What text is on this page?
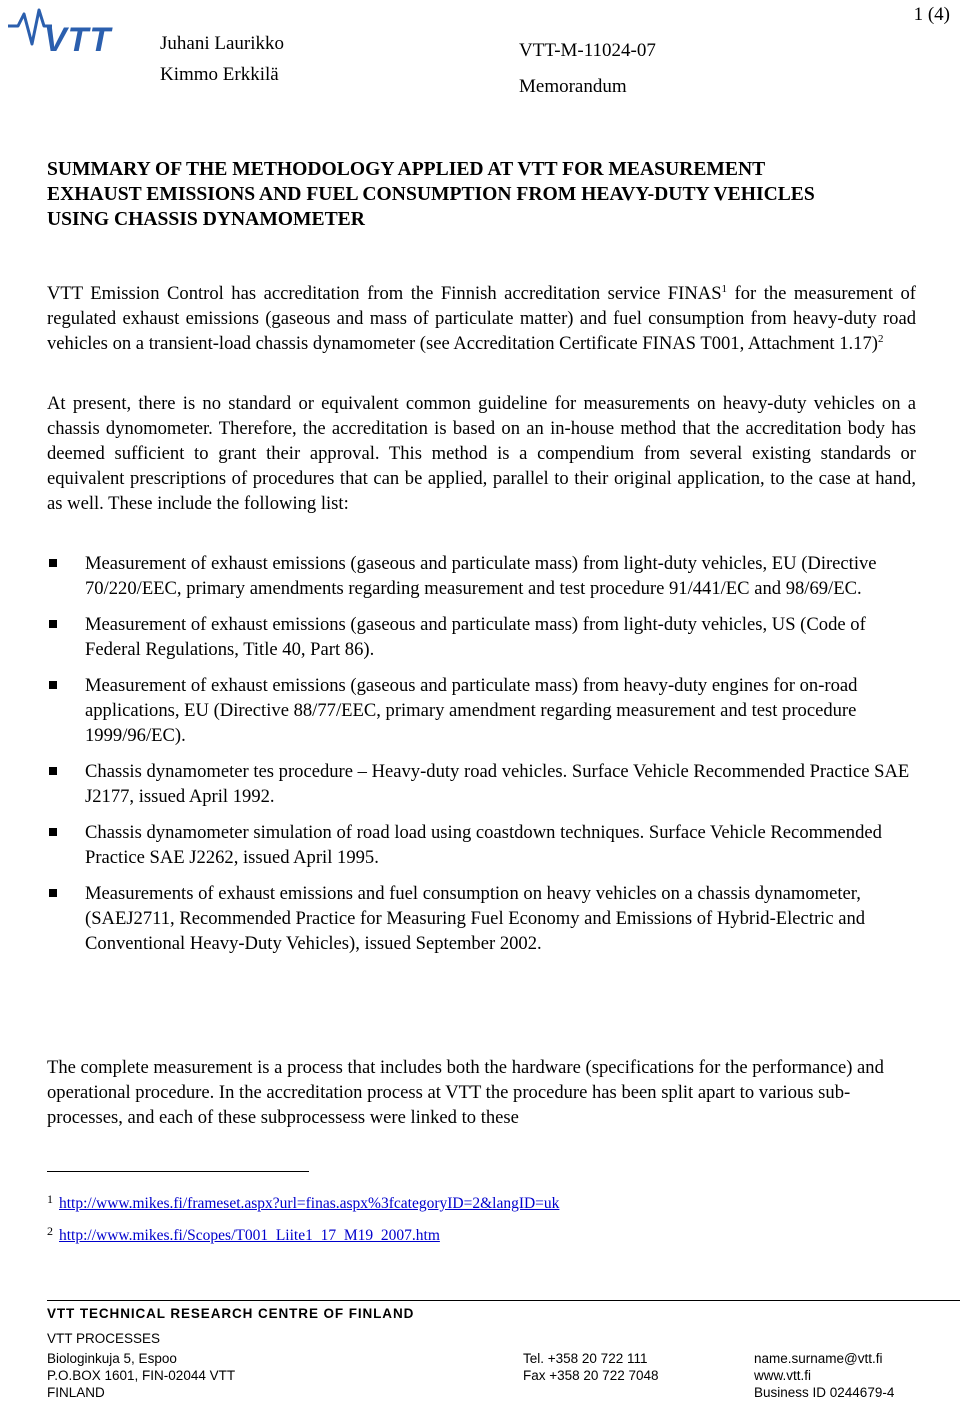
VTT	Juhani Laurikko
Kimmo Erkkilä
VTT-M-11024-07
Memorandum
1 (4)
SUMMARY OF THE METHODOLOGY APPLIED AT VTT FOR MEASUREMENT
EXHAUST EMISSIONS AND FUEL CONSUMPTION FROM HEAVY-DUTY VEHICLES
USING CHASSIS DYNAMOMETER
VTT Emission Control has accreditation from the Finnish accreditation service FINAS$^1$ for the measurement of regulated exhaust emissions (gaseous and mass of particulate matter) and fuel consumption from heavy-duty road vehicles on a transient-load chassis dynamometer (see Accreditation Certificate FINAS T001, Attachment 1.17)$^2$
At present, there is no standard or equivalent common guideline for measurements on heavy-duty vehicles on a chassis dynomometer. Therefore, the accreditation is based on an in-house method that the accreditation body has deemed sufficient to grant their approval. This method is a compendium from several existing standards or equivalent prescriptions of procedures that can be applied, parallel to their original application, to the case at hand, as well. These include the following list:
Measurement of exhaust emissions (gaseous and particulate mass) from light-duty vehicles, EU (Directive 70/220/EEC, primary amendments regarding measurement and test procedure 91/441/EC and 98/69/EC.
Measurement of exhaust emissions (gaseous and particulate mass) from light-duty vehicles, US (Code of Federal Regulations, Title 40, Part 86).
Measurement of exhaust emissions (gaseous and particulate mass) from heavy-duty engines for on-road applications, EU (Directive 88/77/EEC, primary amendment regarding measurement and test procedure 1999/96/EC).
Chassis dynamometer tes procedure – Heavy-duty road vehicles. Surface Vehicle Recommended Practice SAE J2177, issued April 1992.
Chassis dynamometer simulation of road load using coastdown techniques. Surface Vehicle Recommended Practice SAE J2262, issued April 1995.
Measurements of exhaust emissions and fuel consumption on heavy vehicles on a chassis dynamometer, (SAEJ2711, Recommended Practice for Measuring Fuel Economy and Emissions of Hybrid-Electric and Conventional Heavy-Duty Vehicles), issued September 2002.
The complete measurement is a process that includes both the hardware (specifications for the performance) and operational procedure. In the accreditation process at VTT the procedure has been split apart to various sub-processes, and each of these subprocessess were linked to these
$^1$ http://www.mikes.fi/frameset.aspx?url=finas.aspx%3fcategoryID=2&langID=uk
$^2$ http://www.mikes.fi/Scopes/T001_Liite1_17_M19_2007.htm
VTT TECHNICAL RESEARCH CENTRE OF FINLAND
VTT PROCESSES
Biologinkuja 5, Espoo
P.O.BOX 1601, FIN-02044 VTT
FINLAND
Tel. +358 20 722 111
Fax +358 20 722 7048
name.surname@vtt.fi
www.vtt.fi
Business ID 0244679-4
